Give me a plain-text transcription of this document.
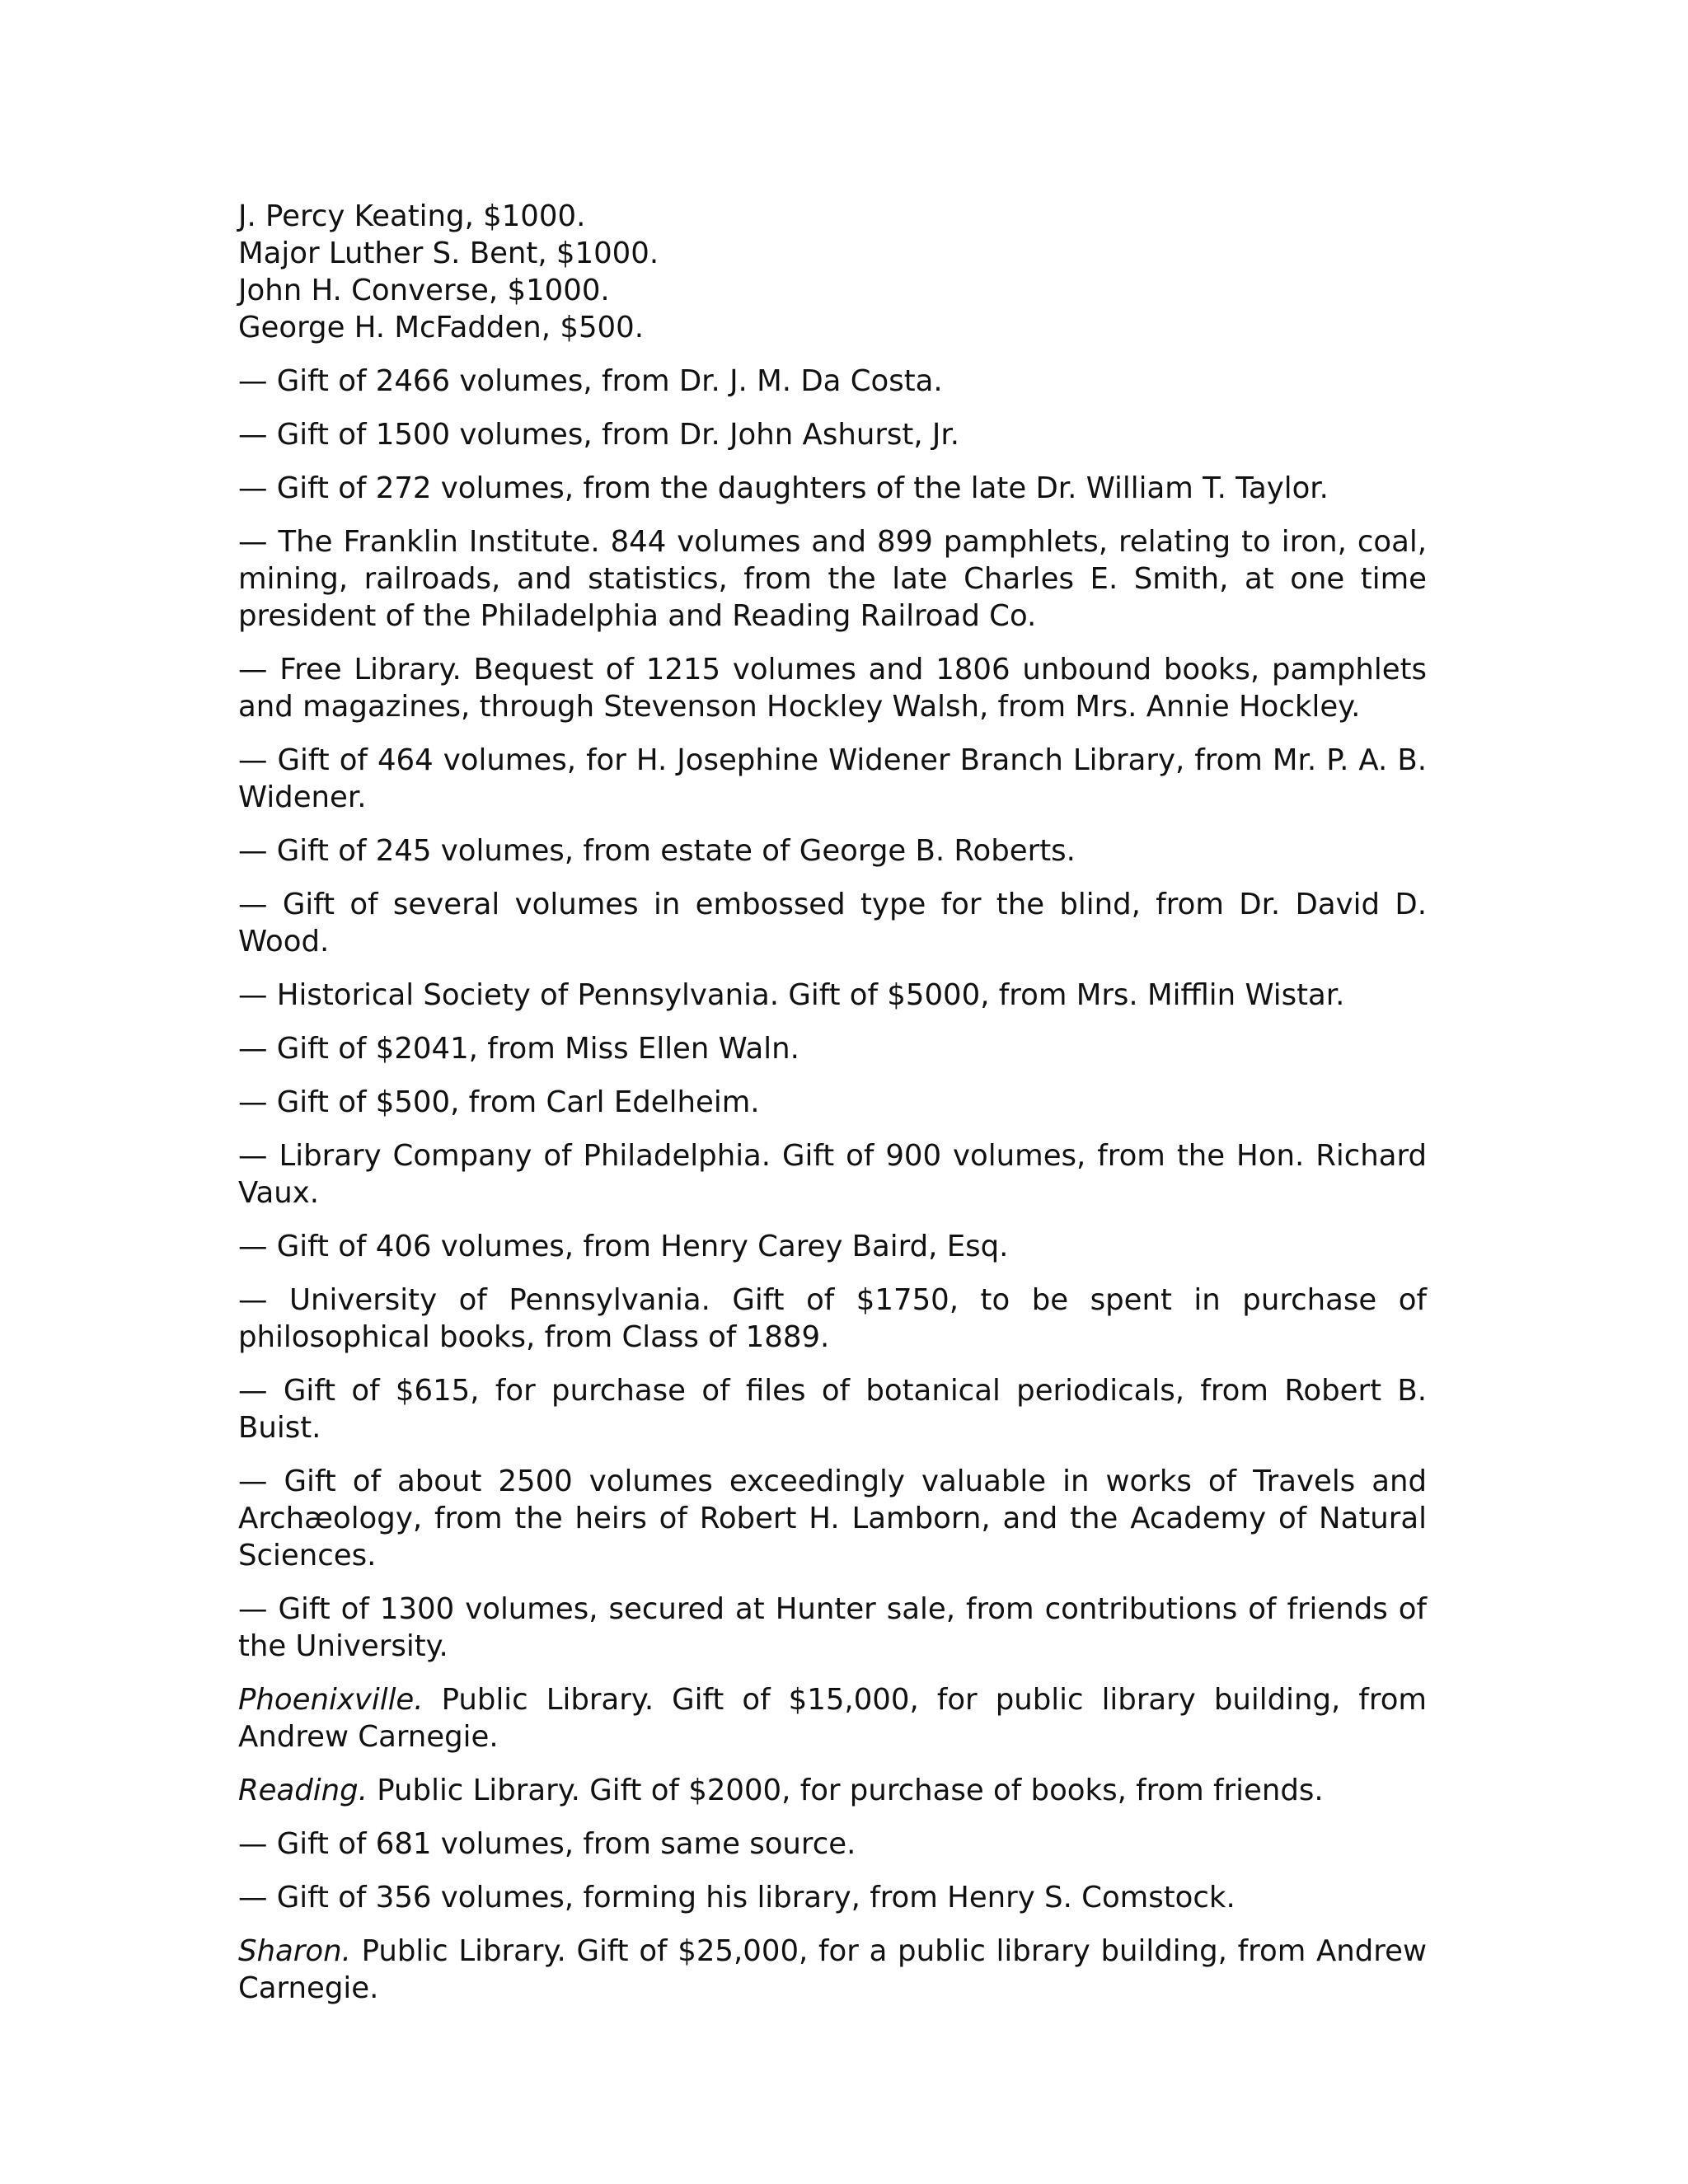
J. Percy Keating, $1000.
Major Luther S. Bent, $1000.
John H. Converse, $1000.
George H. McFadden, $500.

— Gift of 2466 volumes, from Dr. J. M. Da Costa.

— Gift of 1500 volumes, from Dr. John Ashurst, Jr.

— Gift of 272 volumes, from the daughters of the late Dr. William T. Taylor.

— The Franklin Institute. 844 volumes and 899 pamphlets, relating to iron, coal, mining, railroads, and statistics, from the late Charles E. Smith, at one time president of the Philadelphia and Reading Railroad Co.

— Free Library. Bequest of 1215 volumes and 1806 unbound books, pamphlets and magazines, through Stevenson Hockley Walsh, from Mrs. Annie Hockley.

— Gift of 464 volumes, for H. Josephine Widener Branch Library, from Mr. P. A. B. Widener.

— Gift of 245 volumes, from estate of George B. Roberts.

— Gift of several volumes in embossed type for the blind, from Dr. David D. Wood.

— Historical Society of Pennsylvania. Gift of $5000, from Mrs. Mifflin Wistar.

— Gift of $2041, from Miss Ellen Waln.

— Gift of $500, from Carl Edelheim.

— Library Company of Philadelphia. Gift of 900 volumes, from the Hon. Richard Vaux.

— Gift of 406 volumes, from Henry Carey Baird, Esq.

— University of Pennsylvania. Gift of $1750, to be spent in purchase of philosophical books, from Class of 1889.

— Gift of $615, for purchase of files of botanical periodicals, from Robert B. Buist.

— Gift of about 2500 volumes exceedingly valuable in works of Travels and Archæology, from the heirs of Robert H. Lamborn, and the Academy of Natural Sciences.

— Gift of 1300 volumes, secured at Hunter sale, from contributions of friends of the University.

Phoenixville. Public Library. Gift of $15,000, for public library building, from Andrew Carnegie.

Reading. Public Library. Gift of $2000, for purchase of books, from friends.

— Gift of 681 volumes, from same source.

— Gift of 356 volumes, forming his library, from Henry S. Comstock.

Sharon. Public Library. Gift of $25,000, for a public library building, from Andrew Carnegie.
